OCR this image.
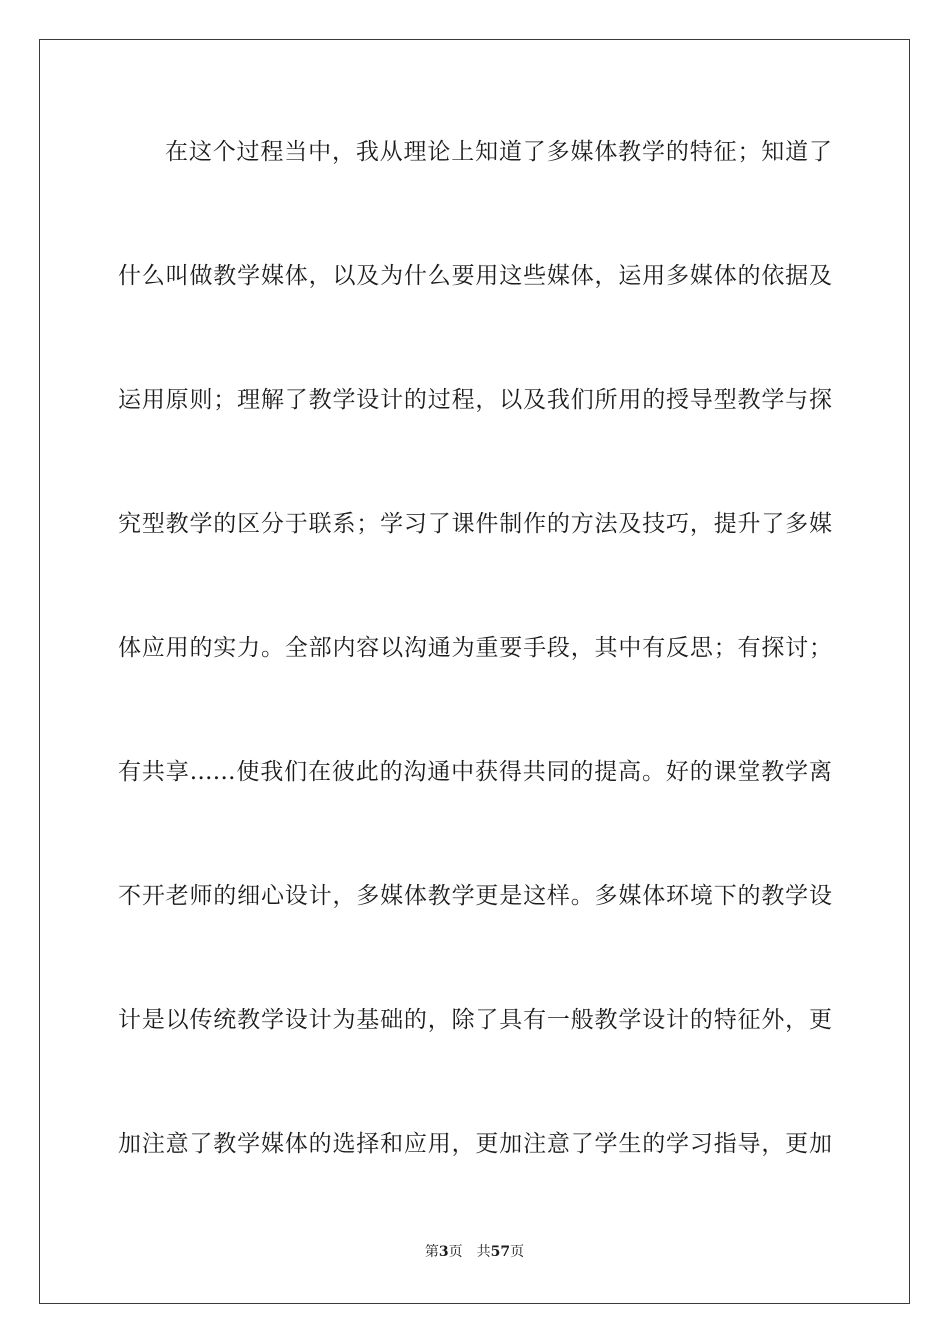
在这个过程当中，我从理论上知道了多媒体教学的特征；知道了
什么叫做教学媒体，以及为什么要用这些媒体，运用多媒体的依据及
运用原则；理解了教学设计的过程，以及我们所用的授导型教学与探
究型教学的区分于联系；学习了课件制作的方法及技巧，提升了多媒
体应用的实力。全部内容以沟通为重要手段，其中有反思；有探讨；
有共享……使我们在彼此的沟通中获得共同的提高。好的课堂教学离
不开老师的细心设计，多媒体教学更是这样。多媒体环境下的教学设
计是以传统教学设计为基础的，除了具有一般教学设计的特征外，更
加注意了教学媒体的选择和应用，更加注意了学生的学习指导，更加
第3页 共57页
